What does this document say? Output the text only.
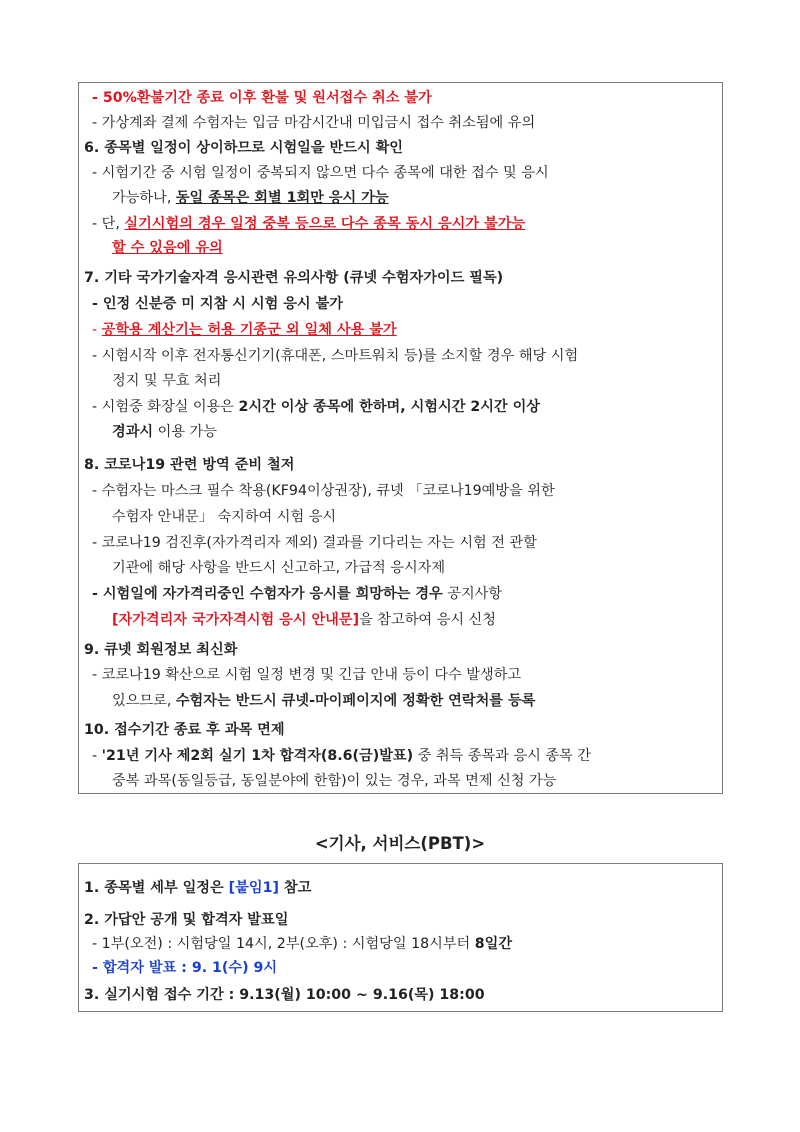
- 50%환불기간 종료 이후 환불 및 원서접수 취소 불가
- 가상계좌 결제 수험자는 입금 마감시간내 미입금시 접수 취소됨에 유의
6. 종목별 일정이 상이하므로 시험일을 반드시 확인
- 시험기간 중 시험 일정이 중복되지 않으면 다수 종목에 대한 접수 및 응시
가능하나, 동일 종목은 회별 1회만 응시 가능
- 단, 실기시험의 경우 일정 중복 등으로 다수 종목 동시 응시가 불가능
할 수 있음에 유의
7. 기타 국가기술자격 응시관련 유의사항 (큐넷 수험자가이드 필독)
- 인정 신분증 미 지참 시 시험 응시 불가
- 공학용 계산기는 허용 기종군 외 일체 사용 불가
- 시험시작 이후 전자통신기기(휴대폰, 스마트워치 등)를 소지할 경우 해당 시험
정지 및 무효 처리
- 시험중 화장실 이용은 2시간 이상 종목에 한하며, 시험시간 2시간 이상
경과시 이용 가능
8. 코로나19 관련 방역 준비 철저
- 수험자는 마스크 필수 착용(KF94이상권장), 큐넷 「코로나19예방을 위한
수험자 안내문」 숙지하여 시험 응시
- 코로나19 검진후(자가격리자 제외) 결과를 기다리는 자는 시험 전 관할
기관에 해당 사항을 반드시 신고하고, 가급적 응시자제
- 시험일에 자가격리중인 수험자가 응시를 희망하는 경우 공지사항
[자가격리자 국가자격시험 응시 안내문]을 참고하여 응시 신청
9. 큐넷 회원정보 최신화
- 코로나19 확산으로 시험 일정 변경 및 긴급 안내 등이 다수 발생하고
있으므로, 수험자는 반드시 큐넷-마이페이지에 정확한 연락처를 등록
10. 접수기간 종료 후 과목 면제
- '21년 기사 제2회 실기 1차 합격자(8.6(금)발표) 중 취득 종목과 응시 종목 간
중복 과목(동일등급, 동일분야에 한함)이 있는 경우, 과목 면제 신청 가능
<기사, 서비스(PBT)>
1. 종목별 세부 일정은 [붙임1] 참고
2. 가답안 공개 및 합격자 발표일
- 1부(오전) : 시험당일 14시, 2부(오후) : 시험당일 18시부터 8일간
- 합격자 발표 : 9. 1(수) 9시
3. 실기시험 접수 기간 : 9.13(월) 10:00 ~ 9.16(목) 18:00
